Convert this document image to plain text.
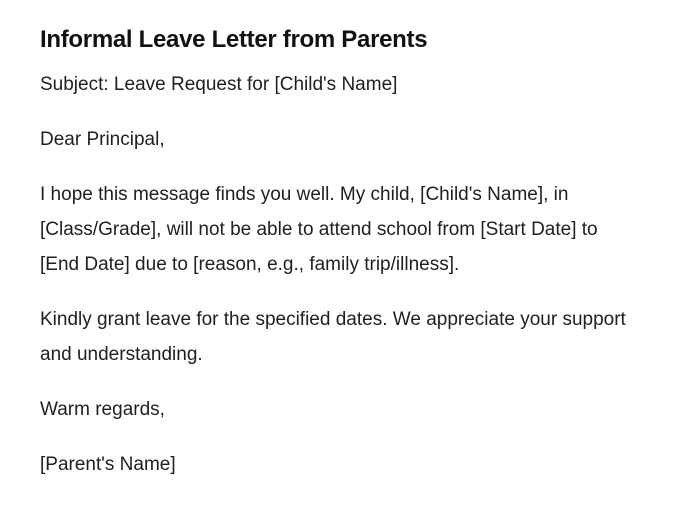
Informal Leave Letter from Parents

Subject: Leave Request for [Child's Name]

Dear Principal,

I hope this message finds you well. My child, [Child's Name], in [Class/Grade], will not be able to attend school from [Start Date] to [End Date] due to [reason, e.g., family trip/illness].

Kindly grant leave for the specified dates. We appreciate your support and understanding.

Warm regards,

[Parent's Name]
